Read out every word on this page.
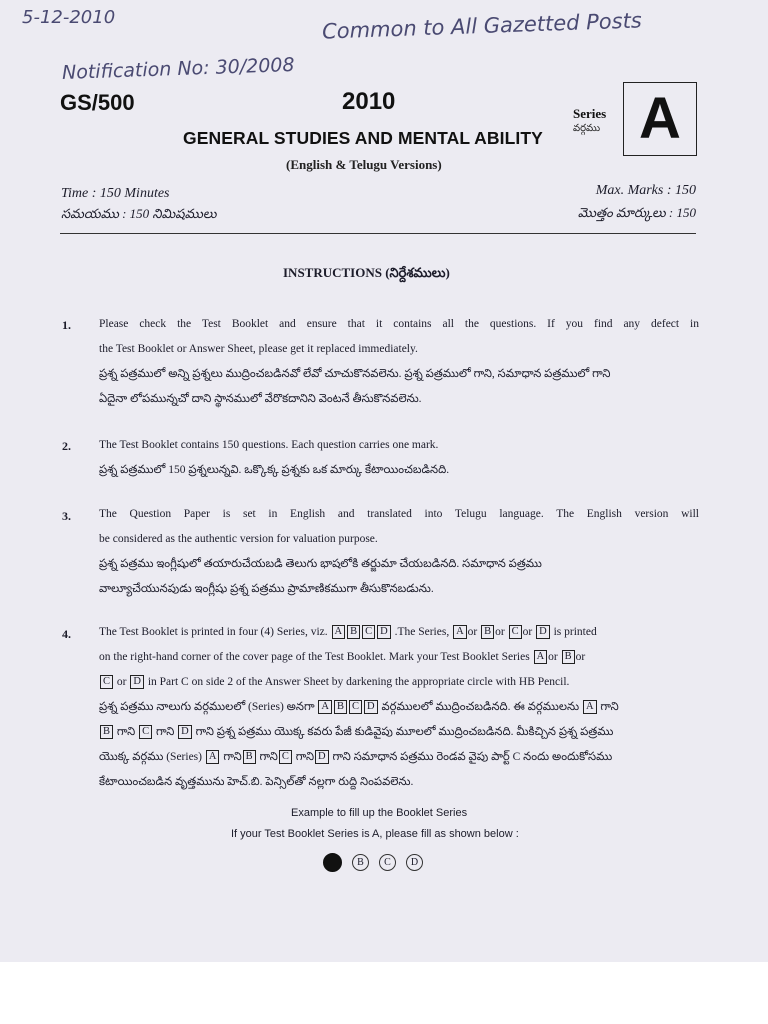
5-12-2010	Common to All Gazetted Posts
Notification No: 30/2008
GS/500	2010
GENERAL STUDIES AND MENTAL ABILITY
(English & Telugu Versions)
Series
వర్గము A
Time : 150 Minutes
సమయము : 150 నిమిషములు
Max. Marks : 150
మొత్తం మార్కులు : 150
INSTRUCTIONS (నిర్దేశములు)
1. Please check the Test Booklet and ensure that it contains all the questions. If you find any defect in
the Test Booklet or Answer Sheet, please get it replaced immediately.
ప్రశ్న పత్రములో అన్ని ప్రశ్నలు ముద్రించబడినవో లేవో చూచుకొనవలెను. ప్రశ్న పత్రములో గాని, సమాధాన పత్రములో గాని
ఏదైనా లోపమున్నచో దాని స్థానములో వేరొకదానిని వెంటనే తీసుకొనవలెను.
2. The Test Booklet contains 150 questions. Each question carries one mark.
ప్రశ్న పత్రములో 150 ప్రశ్నలున్నవి. ఒక్కొక్క ప్రశ్నకు ఒక మార్కు కేటాయించబడినది.
3. The Question Paper is set in English and translated into Telugu language. The English version will
be considered as the authentic version for valuation purpose.
ప్రశ్న పత్రము ఇంగ్లీషులో తయారుచేయబడి తెలుగు భాషలోకి తర్జుమా చేయబడినది. సమాధాన పత్రము
వాల్యూచేయునపుడు ఇంగ్లీషు ప్రశ్న పత్రము ప్రామాణికముగా తీసుకొనబడును.
4. The Test Booklet is printed in four (4) Series, viz. A B C D .The Series, A or B or C or D is printed
on the right-hand corner of the cover page of the Test Booklet. Mark your Test Booklet Series A or B or
C or D in Part C on side 2 of the Answer Sheet by darkening the appropriate circle with HB Pencil.
ప్రశ్న పత్రము నాలుగు వర్గములలో (Series) అనగా A B C D వర్గములలో ముద్రించబడినది. ఈ వర్గములను A గాని
B గాని C గాని D గాని ప్రశ్న పత్రము యొక్క కవరు పేజీ కుడివైపు మూలలో ముద్రించబడినది. మీకిచ్చిన ప్రశ్న పత్రము
యొక్క వర్గము (Series) A గాని B గాని C గాని D గాని సమాధాన పత్రము రెండవ వైపు పార్ట్ C నందు అందుకోసము
కేటాయించబడిన వృత్తమును హెచ్.బి. పెన్సిల్‌తో నల్లగా రుద్ది నింపవలెను.
Example to fill up the Booklet Series
If your Test Booklet Series is A, please fill as shown below :
B	C	D
